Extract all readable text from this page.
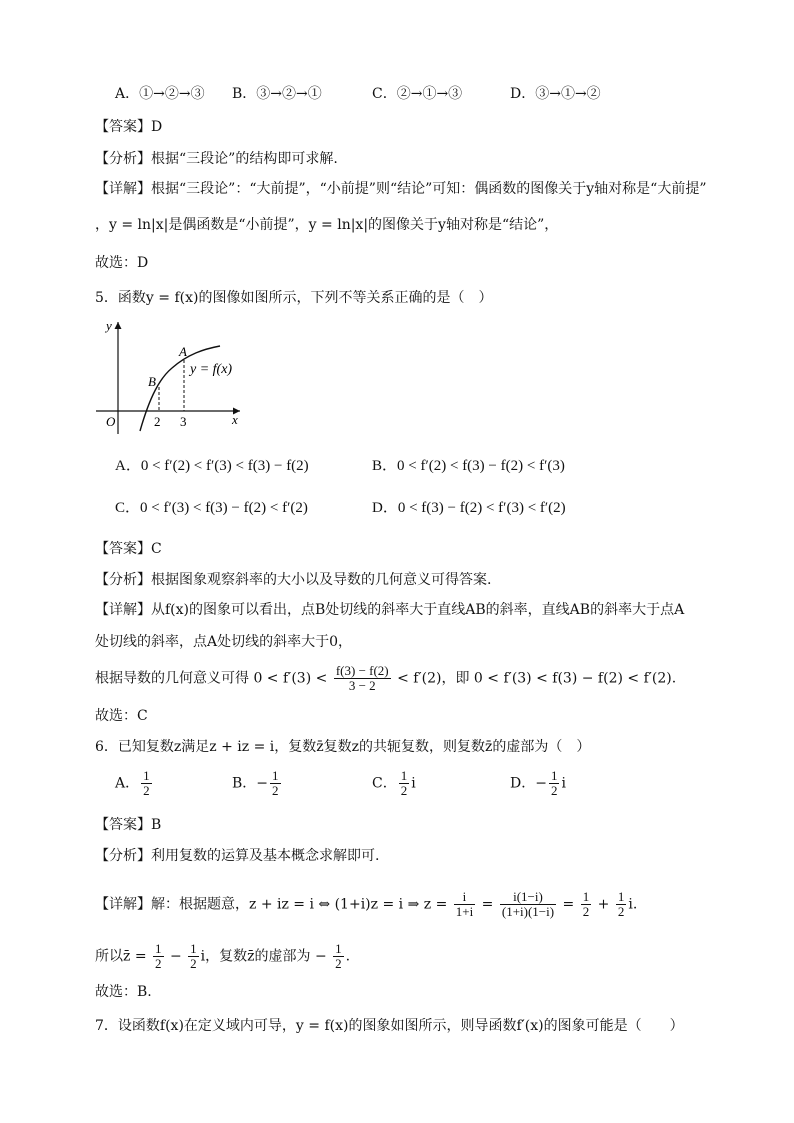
A．①→②→③ B．③→②→①	C．②→①→③	D．③→①→②
【答案】D
【分析】根据“三段论”的结构即可求解.
【详解】根据“三段论”：“大前提”，“小前提”则“结论”可知：偶函数的图像关于y轴对称是“大前提”
，y = ln|x|是偶函数是“小前提”，y = ln|x|的图像关于y轴对称是“结论”，
故选：D
5．函数y = f(x)的图像如图所示，下列不等关系正确的是（　）
y
x
O
A
B
2 3
y = f(x)
A．0 < f′(2) < f′(3) < f(3) − f(2)	B．0 < f′(2) < f(3) − f(2) < f′(3)
C．0 < f′(3) < f(3) − f(2) < f′(2)	D．0 < f(3) − f(2) < f′(3) < f′(2)
【答案】C
【分析】根据图象观察斜率的大小以及导数的几何意义可得答案.
【详解】从f(x)的图象可以看出，点B处切线的斜率大于直线AB的斜率，直线AB的斜率大于点A
处切线的斜率，点A处切线的斜率大于0，
根据导数的几何意义可得 $0 < f'(3) < \frac{f(3) - f(2)}{3 - 2} < f'(2)$，即 0 < f′(3) < f(3) − f(2) < f′(2).
故选：C
6．已知复数z满足z + iz = i，复数z̄复数z的共轭复数，则复数z̄的虚部为（　）
A． $\frac{1}{2}$	B．− $\frac{1}{2}$	C． $\frac{1}{2}$ i	D．− $\frac{1}{2}$ i
【答案】B
【分析】利用复数的运算及基本概念求解即可.
【详解】解：根据题意，z + iz = i ⇔ (1+i)z = i ⇒ $z = \frac{i}{1+i} = \frac{i(1-i)}{(1+i)(1-i)} = \frac{1}{2} + \frac{1}{2} i$.
所以z̄ = $\frac{1}{2} - \frac{1}{2}$ i，复数z̄的虚部为 − $\frac{1}{2}$ .
故选：B.
7．设函数f(x)在定义域内可导，y = f(x)的图象如图所示，则导函数f′(x)的图象可能是（　　）
